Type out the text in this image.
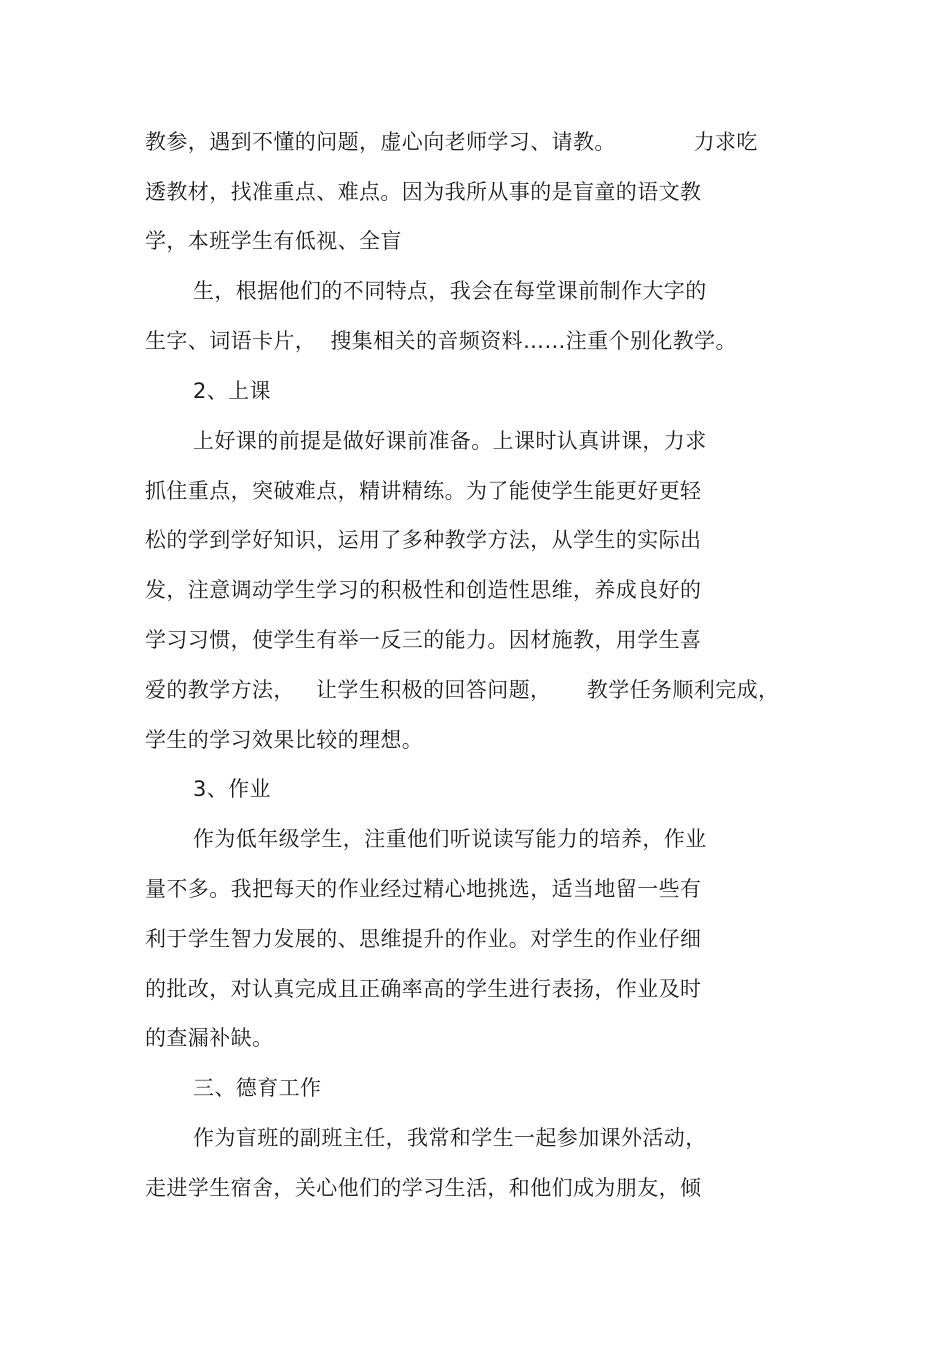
教参，遇到不懂的问题，虚心向老师学习、请教。           力求吃
透教材，找准重点、难点。因为我所从事的是盲童的语文教
学，本班学生有低视、全盲
生，根据他们的不同特点，我会在每堂课前制作大字的
生字、词语卡片，  搜集相关的音频资料……注重个别化教学。
2、上课
上好课的前提是做好课前准备。上课时认真讲课，力求
抓住重点，突破难点，精讲精练。为了能使学生能更好更轻
松的学到学好知识，运用了多种教学方法，从学生的实际出
发，注意调动学生学习的积极性和创造性思维，养成良好的
学习习惯，使学生有举一反三的能力。因材施教，用学生喜
爱的教学方法，   让学生积极的回答问题，     教学任务顺利完成，
学生的学习效果比较的理想。
3、作业
作为低年级学生，注重他们听说读写能力的培养，作业
量不多。我把每天的作业经过精心地挑选，适当地留一些有
利于学生智力发展的、思维提升的作业。对学生的作业仔细
的批改，对认真完成且正确率高的学生进行表扬，作业及时
的查漏补缺。
三、德育工作
作为盲班的副班主任，我常和学生一起参加课外活动，
走进学生宿舍，关心他们的学习生活，和他们成为朋友，倾
